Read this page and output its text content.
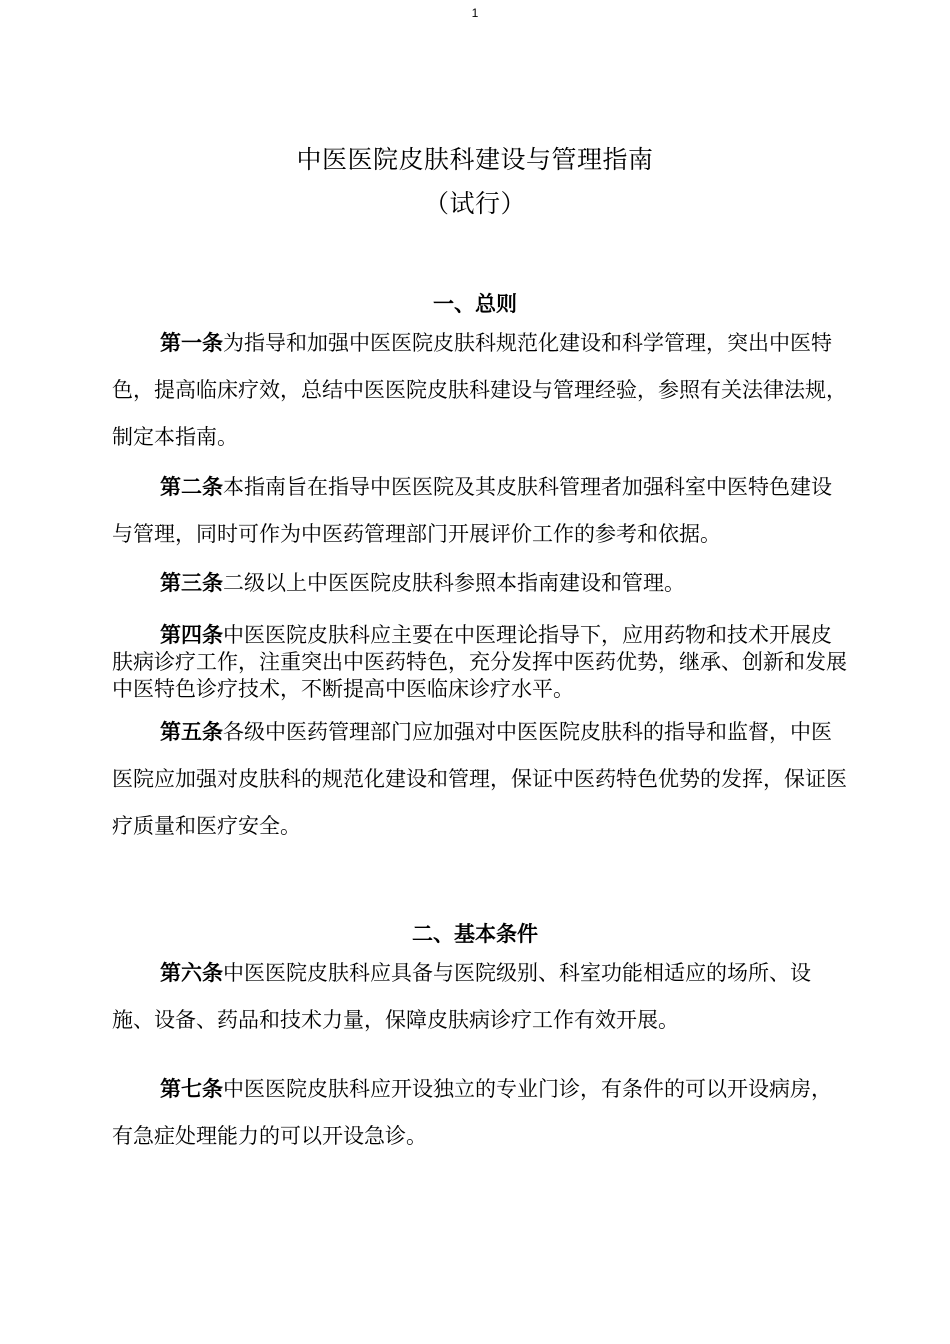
1
中医医院皮肤科建设与管理指南
（试行）
一、总则

第一条为指导和加强中医医院皮肤科规范化建设和科学管理，突出中医特色，提高临床疗效，总结中医医院皮肤科建设与管理经验，参照有关法律法规，制定本指南。

第二条本指南旨在指导中医医院及其皮肤科管理者加强科室中医特色建设与管理，同时可作为中医药管理部门开展评价工作的参考和依据。

第三条二级以上中医医院皮肤科参照本指南建设和管理。

第四条中医医院皮肤科应主要在中医理论指导下，应用药物和技术开展皮肤病诊疗工作，注重突出中医药特色，充分发挥中医药优势，继承、创新和发展中医特色诊疗技术，不断提高中医临床诊疗水平。

第五条各级中医药管理部门应加强对中医医院皮肤科的指导和监督，中医医院应加强对皮肤科的规范化建设和管理，保证中医药特色优势的发挥，保证医疗质量和医疗安全。

二、基本条件

第六条中医医院皮肤科应具备与医院级别、科室功能相适应的场所、设施、设备、药品和技术力量，保障皮肤病诊疗工作有效开展。

第七条中医医院皮肤科应开设独立的专业门诊，有条件的可以开设病房，有急症处理能力的可以开设急诊。
